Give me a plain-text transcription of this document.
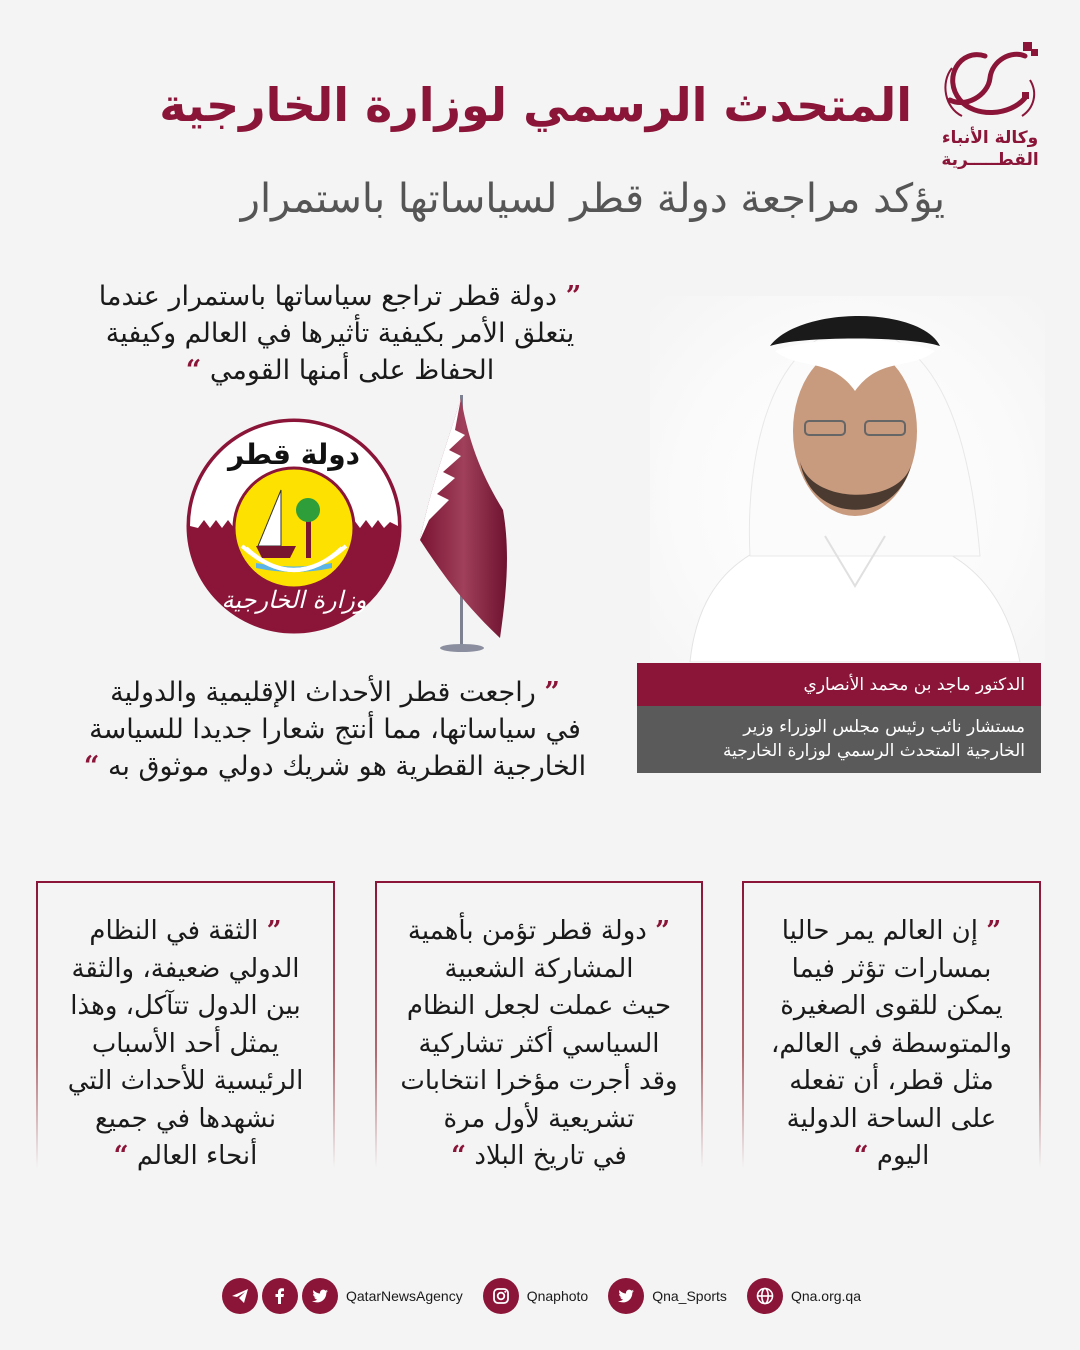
وكالة الأنباء
القطـــــرية
المتحدث الرسمي لوزارة الخارجية
يؤكد مراجعة دولة قطر لسياساتها باستمرار
” دولة قطر تراجع سياساتها باستمرار عندما
يتعلق الأمر بكيفية تأثيرها في العالم وكيفية
الحفاظ على أمنها القومي “
دولة قطر
وزارة الخارجية
” راجعت قطر الأحداث الإقليمية والدولية
في سياساتها، مما أنتج شعارا جديدا للسياسة
الخارجية القطرية هو شريك دولي موثوق به “
الدكتور ماجد بن محمد الأنصاري
مستشار نائب رئيس مجلس الوزراء وزير
الخارجية المتحدث الرسمي لوزارة الخارجية
” إن العالم يمر حاليا
بمسارات تؤثر فيما
يمكن للقوى الصغيرة
والمتوسطة في العالم،
مثل قطر، أن تفعله
على الساحة الدولية
اليوم “
” دولة قطر تؤمن بأهمية
المشاركة الشعبية
حيث عملت لجعل النظام
السياسي أكثر تشاركية
وقد أجرت مؤخرا انتخابات
تشريعية لأول مرة
في تاريخ البلاد “
” الثقة في النظام
الدولي ضعيفة، والثقة
بين الدول تتآكل، وهذا
يمثل أحد الأسباب
الرئيسية للأحداث التي
نشهدها في جميع
أنحاء العالم “
QatarNewsAgency	Qnaphoto	Qna_Sports	Qna.org.qa
